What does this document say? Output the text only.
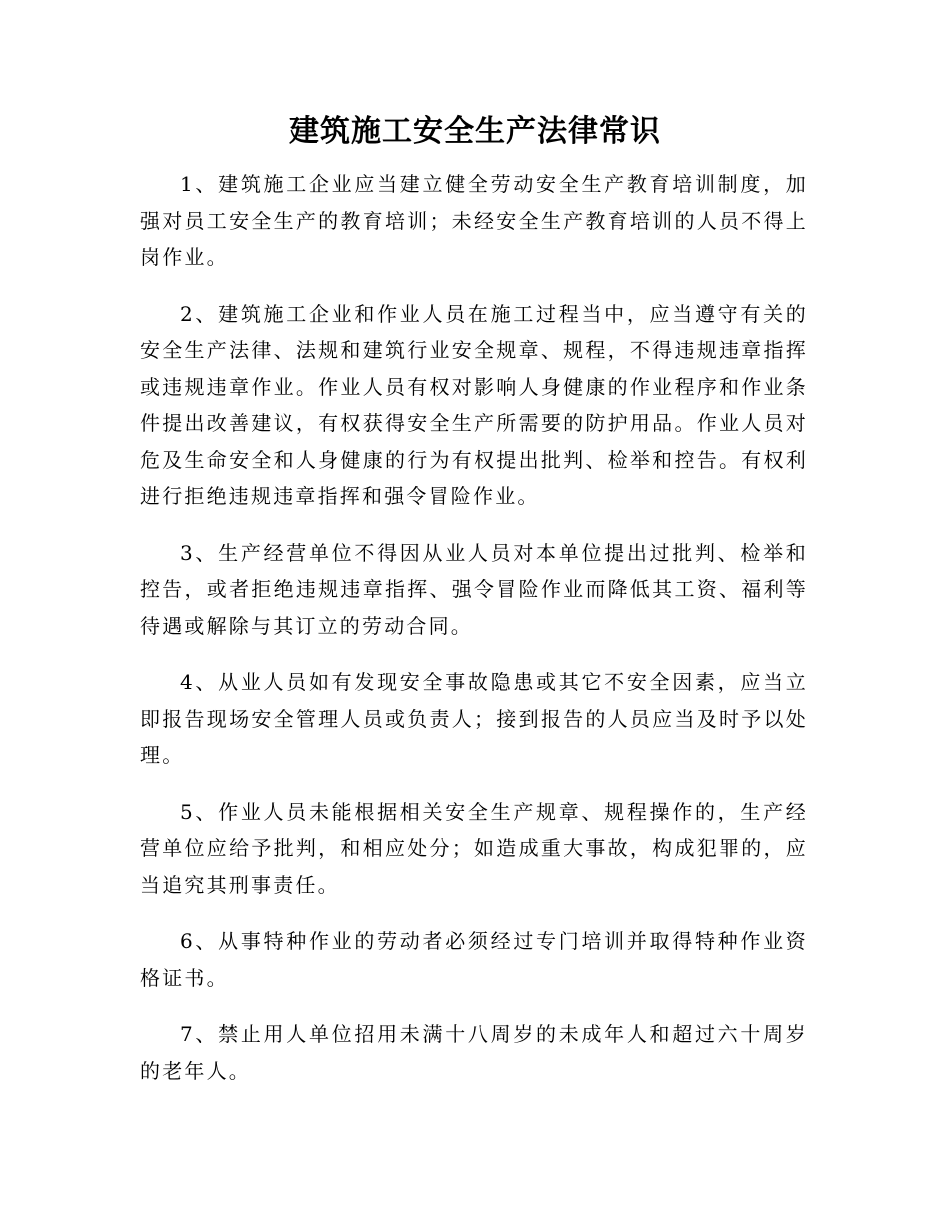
建筑施工安全生产法律常识

1、建筑施工企业应当建立健全劳动安全生产教育培训制度，加强对员工安全生产的教育培训；未经安全生产教育培训的人员不得上岗作业。

2、建筑施工企业和作业人员在施工过程当中，应当遵守有关的安全生产法律、法规和建筑行业安全规章、规程，不得违规违章指挥或违规违章作业。作业人员有权对影响人身健康的作业程序和作业条件提出改善建议，有权获得安全生产所需要的防护用品。作业人员对危及生命安全和人身健康的行为有权提出批判、检举和控告。有权利进行拒绝违规违章指挥和强令冒险作业。

3、生产经营单位不得因从业人员对本单位提出过批判、检举和控告，或者拒绝违规违章指挥、强令冒险作业而降低其工资、福利等待遇或解除与其订立的劳动合同。

4、从业人员如有发现安全事故隐患或其它不安全因素，应当立即报告现场安全管理人员或负责人；接到报告的人员应当及时予以处理。

5、作业人员未能根据相关安全生产规章、规程操作的，生产经营单位应给予批判，和相应处分；如造成重大事故，构成犯罪的，应当追究其刑事责任。

6、从事特种作业的劳动者必须经过专门培训并取得特种作业资格证书。

7、禁止用人单位招用未满十八周岁的未成年人和超过六十周岁的老年人。
